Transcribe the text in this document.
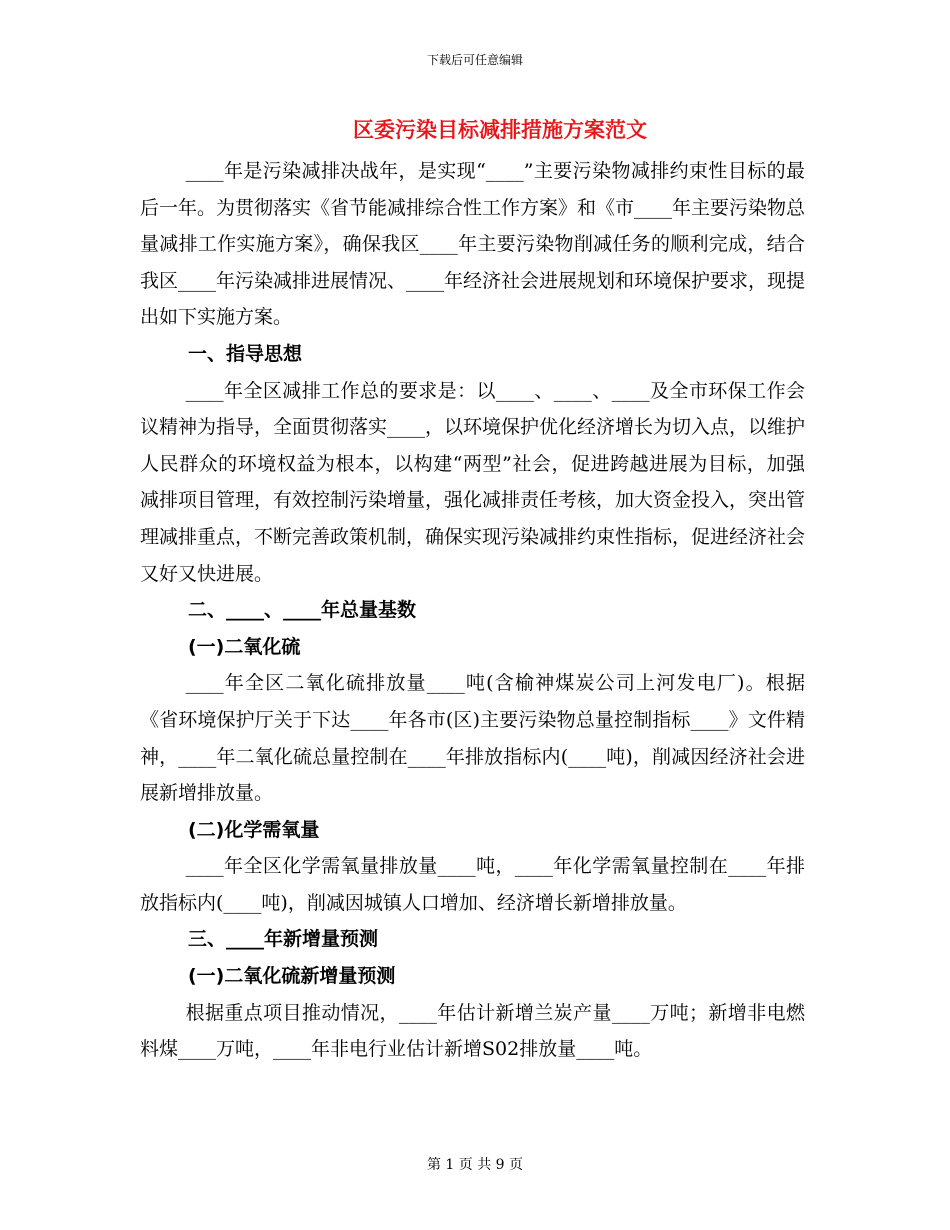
下载后可任意编辑
区委污染目标减排措施方案范文

____年是污染减排决战年，是实现“____”主要污染物减排约束性目标的最后一年。为贯彻落实《省节能减排综合性工作方案》和《市____年主要污染物总量减排工作实施方案》，确保我区____年主要污染物削减任务的顺利完成，结合我区____年污染减排进展情况、____年经济社会进展规划和环境保护要求，现提出如下实施方案。

一、指导思想

____年全区减排工作总的要求是：以____、____、____及全市环保工作会议精神为指导，全面贯彻落实____，以环境保护优化经济增长为切入点，以维护人民群众的环境权益为根本，以构建“两型”社会，促进跨越进展为目标，加强减排项目管理，有效控制污染增量，强化减排责任考核，加大资金投入，突出管理减排重点，不断完善政策机制，确保实现污染减排约束性指标，促进经济社会又好又快进展。

二、____、____年总量基数

(一)二氧化硫

____年全区二氧化硫排放量____吨(含榆神煤炭公司上河发电厂)。根据《省环境保护厅关于下达____年各市(区)主要污染物总量控制指标____》文件精神，____年二氧化硫总量控制在____年排放指标内(____吨)，削减因经济社会进展新增排放量。

(二)化学需氧量

____年全区化学需氧量排放量____吨，____年化学需氧量控制在____年排放指标内(____吨)，削减因城镇人口增加、经济增长新增排放量。

三、____年新增量预测

(一)二氧化硫新增量预测

根据重点项目推动情况，____年估计新增兰炭产量____万吨；新增非电燃料煤____万吨，____年非电行业估计新增S02排放量____吨。

第 1 页 共 9 页
